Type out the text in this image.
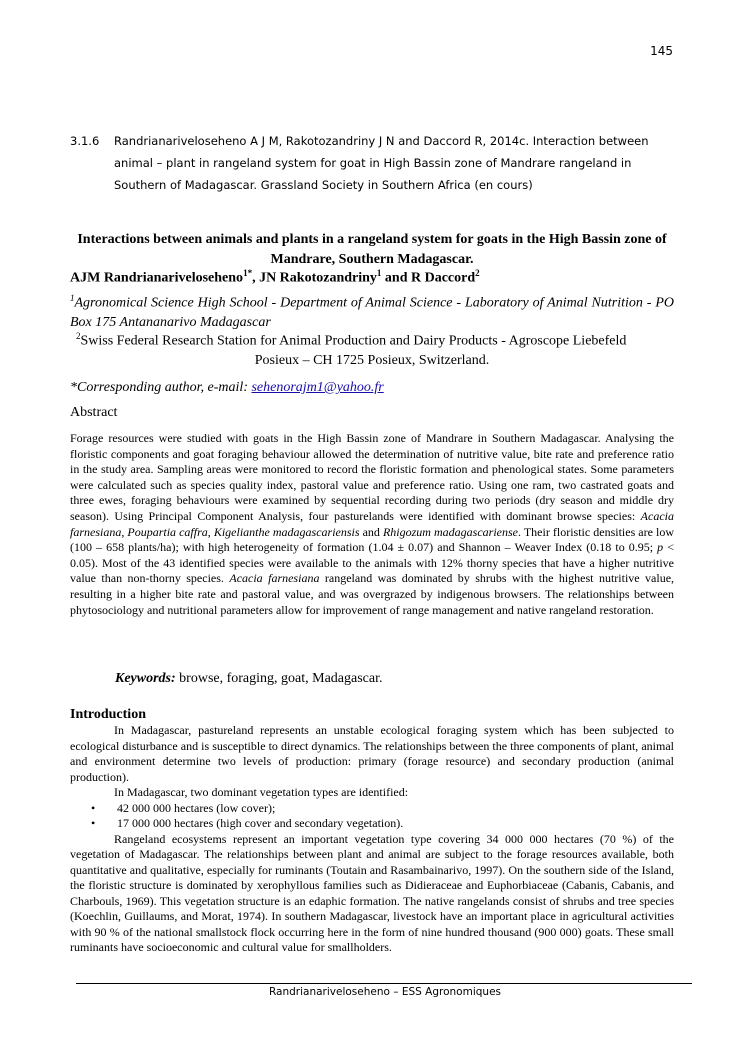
145
3.1.6 Randrianariveloseheno A J M, Rakotozandriny J N and Daccord R, 2014c. Interaction between animal – plant in rangeland system for goat in High Bassin zone of Mandrare rangeland in Southern of Madagascar. Grassland Society in Southern Africa (en cours)
Interactions between animals and plants in a rangeland system for goats in the High Bassin zone of Mandrare, Southern Madagascar.
AJM Randrianariveloseheno$^{1*}$, JN Rakotozandriny$^1$ and R Daccord$^2$
$^1$Agronomical Science High School - Department of Animal Science - Laboratory of Animal Nutrition - PO Box 175 Antananarivo Madagascar
$^2$Swiss Federal Research Station for Animal Production and Dairy Products - Agroscope Liebefeld
Posieux – CH 1725 Posieux, Switzerland.
*Corresponding author, e-mail: sehenorajm1@yahoo.fr
Abstract
Forage resources were studied with goats in the High Bassin zone of Mandrare in Southern Madagascar. Analysing the floristic components and goat foraging behaviour allowed the determination of nutritive value, bite rate and preference ratio in the study area. Sampling areas were monitored to record the floristic formation and phenological states. Some parameters were calculated such as species quality index, pastoral value and preference ratio. Using one ram, two castrated goats and three ewes, foraging behaviours were examined by sequential recording during two periods (dry season and middle dry season). Using Principal Component Analysis, four pasturelands were identified with dominant browse species: Acacia farnesiana, Poupartia caffra, Kigelianthe madagascariensis and Rhigozum madagascariense. Their floristic densities are low (100 – 658 plants/ha); with high heterogeneity of formation (1.04 ± 0.07) and Shannon – Weaver Index (0.18 to 0.95; p < 0.05). Most of the 43 identified species were available to the animals with 12% thorny species that have a higher nutritive value than non-thorny species. Acacia farnesiana rangeland was dominated by shrubs with the highest nutritive value, resulting in a higher bite rate and pastoral value, and was overgrazed by indigenous browsers. The relationships between phytosociology and nutritional parameters allow for improvement of range management and native rangeland restoration.
Keywords: browse, foraging, goat, Madagascar.
Introduction

In Madagascar, pastureland represents an unstable ecological foraging system which has been subjected to ecological disturbance and is susceptible to direct dynamics. The relationships between the three components of plant, animal and environment determine two levels of production: primary (forage resource) and secondary production (animal production).

In Madagascar, two dominant vegetation types are identified:

• 42 000 000 hectares (low cover);
• 17 000 000 hectares (high cover and secondary vegetation).

Rangeland ecosystems represent an important vegetation type covering 34 000 000 hectares (70 %) of the vegetation of Madagascar. The relationships between plant and animal are subject to the forage resources available, both quantitative and qualitative, especially for ruminants (Toutain and Rasambainarivo, 1997). On the southern side of the Island, the floristic structure is dominated by xerophyllous families such as Didieraceae and Euphorbiaceae (Cabanis, Cabanis, and Charbouls, 1969). This vegetation structure is an edaphic formation. The native rangelands consist of shrubs and tree species (Koechlin, Guillaums, and Morat, 1974). In southern Madagascar, livestock have an important place in agricultural activities with 90 % of the national smallstock flock occurring here in the form of nine hundred thousand (900 000) goats. These small ruminants have socioeconomic and cultural value for smallholders.

Randrianariveloseheno – ESS Agronomiques
